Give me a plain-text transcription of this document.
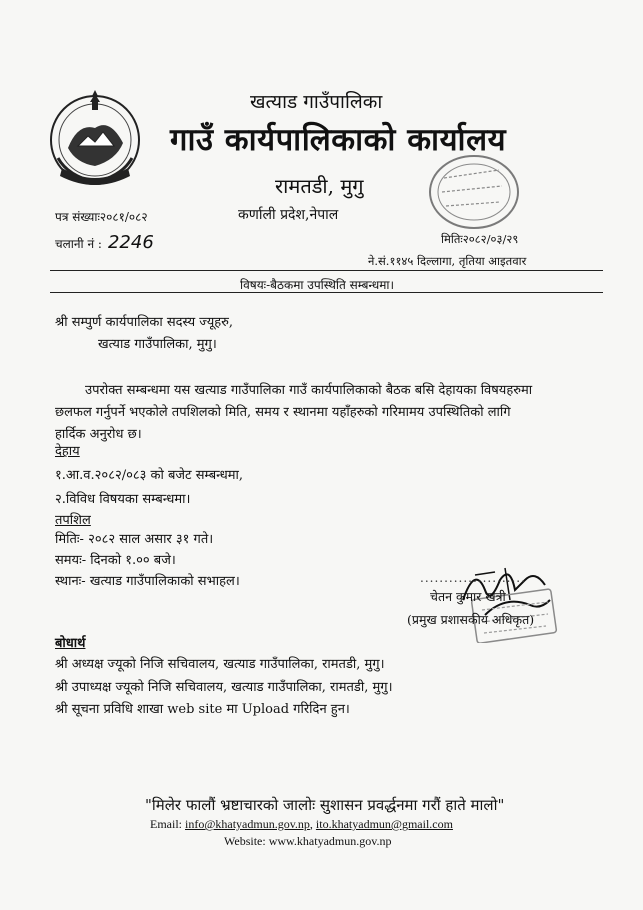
खत्याड गाउँपालिका
गाउँ कार्यपालिकाको कार्यालय
रामतडी, मुगु
कर्णाली प्रदेश,नेपाल
पत्र संख्याः२०८१/०८२
चलानी नं : 2246	मितिः२०८२/०३/२९
ने.सं.११४५ दिल्लागा, तृतिया आइतवार
विषयः-बैठकमा उपस्थिति सम्बन्धमा।
श्री सम्पुर्ण कार्यपालिका सदस्य ज्यूहरु,
खत्याड गाउँपालिका, मुगु।
उपरोक्त सम्बन्धमा यस खत्याड गाउँपालिका गाउँ कार्यपालिकाको बैठक बसि देहायका विषयहरुमा
छलफल गर्नुपर्ने भएकोले तपशिलको मिति, समय र स्थानमा यहाँहरुको गरिमामय उपस्थितिको लागि
हार्दिक अनुरोध छ।
देहाय
१.आ.व.२०८२/०८३ को बजेट सम्बन्धमा,
२.विविध विषयका सम्बन्धमा।
तपशिल
मितिः- २०८२ साल असार ३१ गते।
समयः- दिनको १.०० बजे।
स्थानः- खत्याड गाउँपालिकाको सभाहल।	......................
चेतन कुमार खत्री
(प्रमुख प्रशासकीय अधिकृत)
बोधार्थ
श्री अध्यक्ष ज्यूको निजि सचिवालय, खत्याड गाउँपालिका, रामतडी, मुगु।
श्री उपाध्यक्ष ज्यूको निजि सचिवालय, खत्याड गाउँपालिका, रामतडी, मुगु।
श्री सूचना प्रविधि शाखा web site मा Upload गरिदिन हुन।
"मिलेर फालौं भ्रष्टाचारको जालोः सुशासन प्रवर्द्धनमा गरौं हाते मालो"
Email: info@khatyadmun.gov.np, ito.khatyadmun@gmail.com
Website: www.khatyadmun.gov.np
